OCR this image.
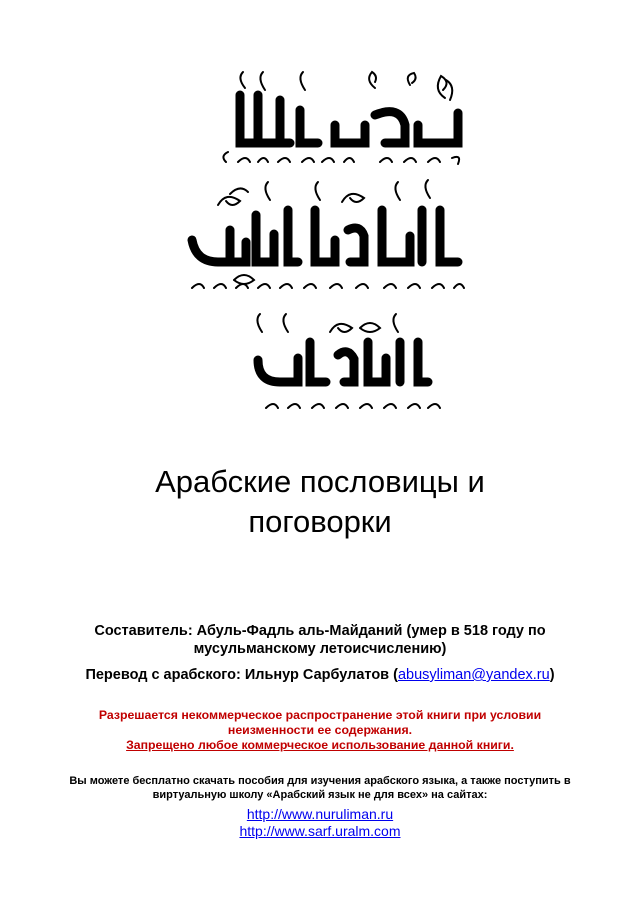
Арабские пословицы и
поговорки
Составитель: Абуль-Фадль аль-Майданий (умер в 518 году по мусульманскому летоисчислению)
Перевод с арабского: Ильнур Сарбулатов (abusyliman@yandex.ru)
Разрешается некоммерческое распространение этой книги при условии неизменности ее содержания.
Запрещено любое коммерческое использование данной книги.
Вы можете бесплатно скачать пособия для изучения арабского языка, а также поступить в виртуальную школу «Арабский язык не для всех» на сайтах:
http://www.nuruliman.ru
http://www.sarf.uralm.com
